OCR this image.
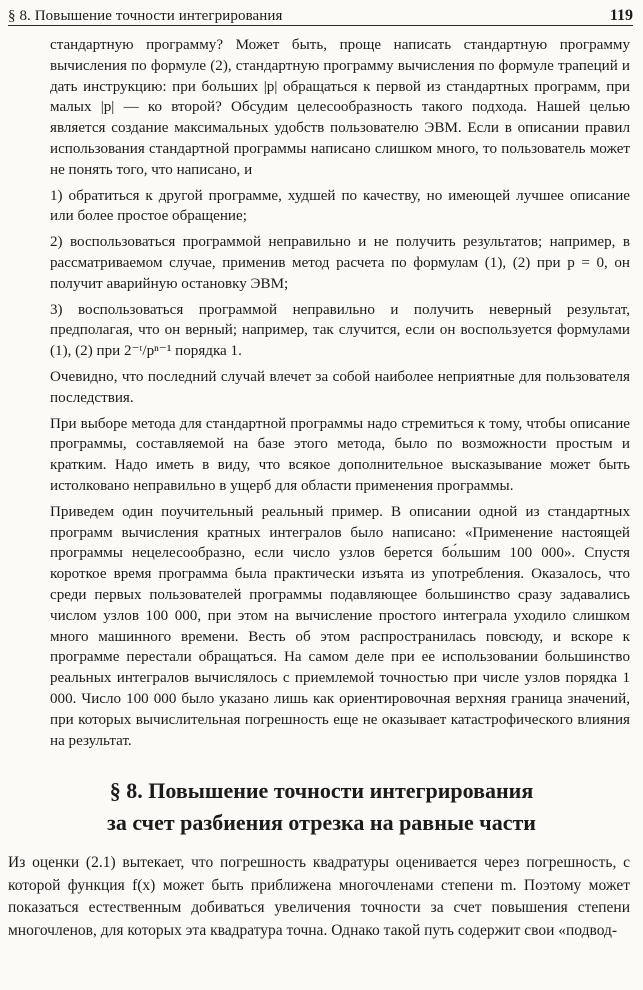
§ 8. Повышение точности интегрирования	119

стандартную программу? Может быть, проще написать стандартную программу вычисления по формуле (2), стандартную программу вычисления по формуле трапеций и дать инструкцию: при больших |p| обращаться к первой из стандартных программ, при малых |p| — ко второй? Обсудим целесообразность такого подхода. Нашей целью является создание максимальных удобств пользователю ЭВМ. Если в описании правил использования стандартной программы написано слишком много, то пользователь может не понять того, что написано, и

1) обратиться к другой программе, худшей по качеству, но имеющей лучшее описание или более простое обращение;

2) воспользоваться программой неправильно и не получить результатов; например, в рассматриваемом случае, применив метод расчета по формулам (1), (2) при p = 0, он получит аварийную остановку ЭВМ;

3) воспользоваться программой неправильно и получить неверный результат, предполагая, что он верный; например, так случится, если он воспользуется формулами (1), (2) при 2⁻ᵗ/pⁿ⁻¹ порядка 1.

Очевидно, что последний случай влечет за собой наиболее неприятные для пользователя последствия.

При выборе метода для стандартной программы надо стремиться к тому, чтобы описание программы, составляемой на базе этого метода, было по возможности простым и кратким. Надо иметь в виду, что всякое дополнительное высказывание может быть истолковано неправильно в ущерб для области применения программы.

Приведем один поучительный реальный пример. В описании одной из стандартных программ вычисления кратных интегралов было написано: «Применение настоящей программы нецелесообразно, если число узлов берется бо́льшим 100 000». Спустя короткое время программа была практически изъята из употребления. Оказалось, что среди первых пользователей программы подавляющее большинство сразу задавались числом узлов 100 000, при этом на вычисление простого интеграла уходило слишком много машинного времени. Весть об этом распространилась повсюду, и вскоре к программе перестали обращаться. На самом деле при ее использовании большинство реальных интегралов вычислялось с приемлемой точностью при числе узлов порядка 1 000. Число 100 000 было указано лишь как ориентировочная верхняя граница значений, при которых вычислительная погрешность еще не оказывает катастрофического влияния на результат.

§ 8. Повышение точности интегрирования
за счет разбиения отрезка на равные части

Из оценки (2.1) вытекает, что погрешность квадратуры оценивается через погрешность, с которой функция f(x) может быть приближена многочленами степени m. Поэтому может показаться естественным добиваться увеличения точности за счет повышения степени многочленов, для которых эта квадратура точна. Однако такой путь содержит свои «подвод-
